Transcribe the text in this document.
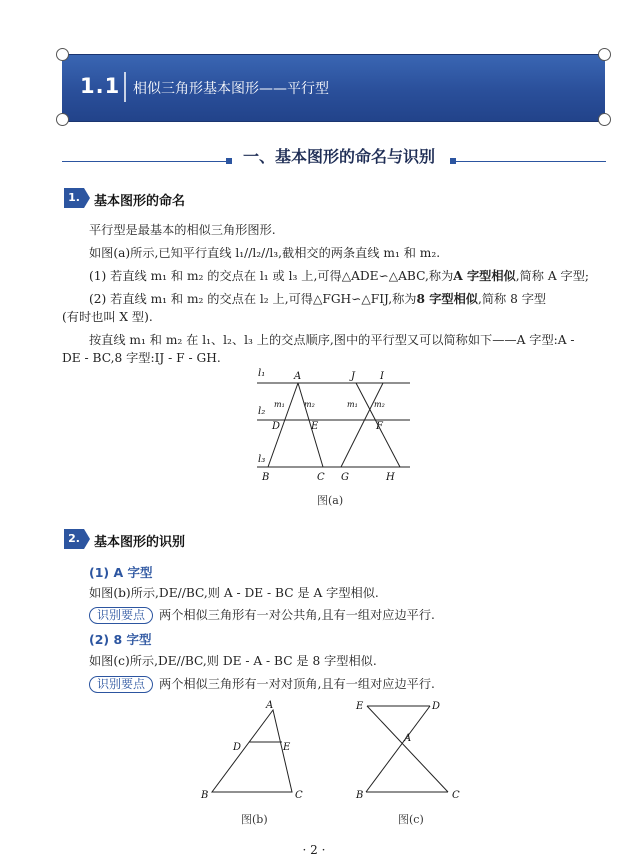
1.1 相似三角形基本图形——平行型
一、基本图形的命名与识别
1.	基本图形的命名
平行型是最基本的相似三角形图形.
如图(a)所示,已知平行直线 l₁//l₂//l₃,截相交的两条直线 m₁ 和 m₂.
(1) 若直线 m₁ 和 m₂ 的交点在 l₁ 或 l₃ 上,可得△ADE∽△ABC,称为A 字型相似,简称 A 字型;
(2) 若直线 m₁ 和 m₂ 的交点在 l₂ 上,可得△FGH∽△FIJ,称为8 字型相似,简称 8 字型
(有时也叫 X 型).
按直线 m₁ 和 m₂ 在 l₁、l₂、l₃ 上的交点顺序,图中的平行型又可以简称如下——A 字型:A -
DE - BC,8 字型:IJ - F - GH.
l₁
l₂
l₃
A
B	C
D	E	F
G	H
I
J
m₁ m₂	m₁ m₂
图(a)
2.	基本图形的识别
(1) A 字型
如图(b)所示,DE//BC,则 A - DE - BC 是 A 字型相似.
识别要点 两个相似三角形有一对公共角,且有一组对应边平行.
(2) 8 字型
如图(c)所示,DE//BC,则 DE - A - BC 是 8 字型相似.
识别要点 两个相似三角形有一对对顶角,且有一组对应边平行.
A
B	C
D	E
图(b)
A
B	C
D
E
图(c)
· 2 ·
